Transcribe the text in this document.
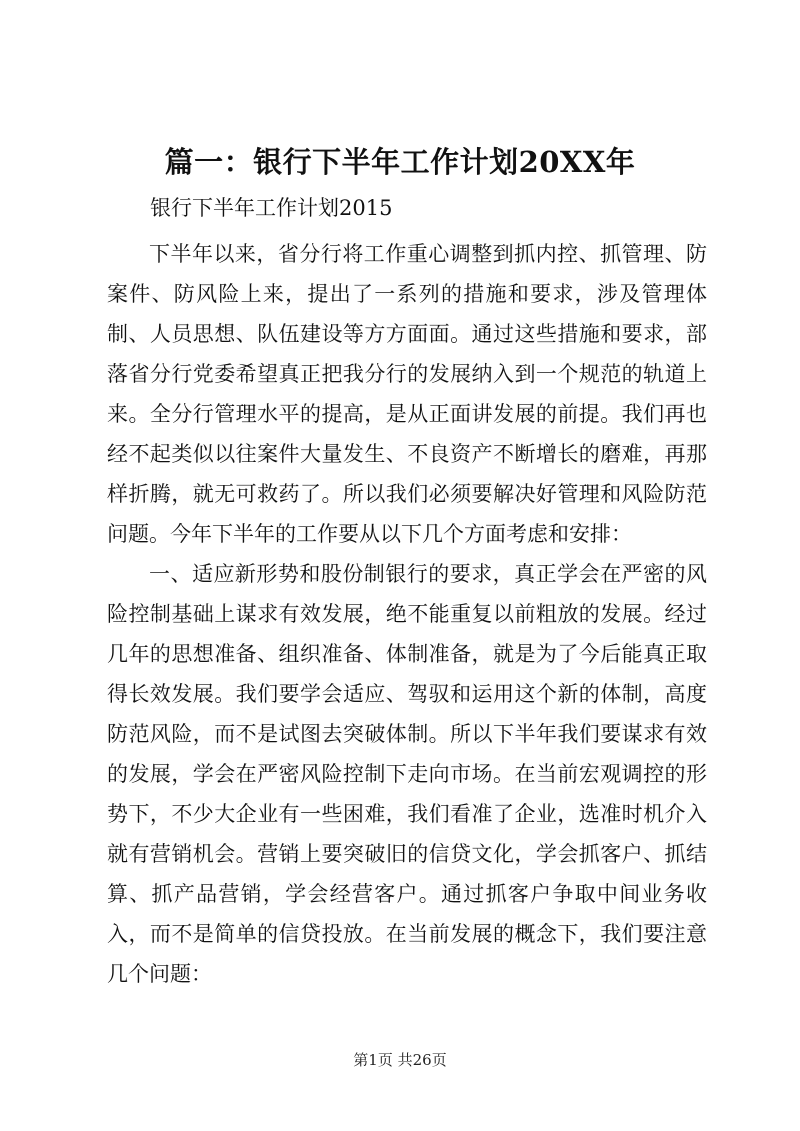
篇一：银行下半年工作计划20XX年
银行下半年工作计划2015

下半年以来，省分行将工作重心调整到抓内控、抓管理、防案件、防风险上来，提出了一系列的措施和要求，涉及管理体制、人员思想、队伍建设等方方面面。通过这些措施和要求，部落省分行党委希望真正把我分行的发展纳入到一个规范的轨道上来。全分行管理水平的提高，是从正面讲发展的前提。我们再也经不起类似以往案件大量发生、不良资产不断增长的磨难，再那样折腾，就无可救药了。所以我们必须要解决好管理和风险防范问题。今年下半年的工作要从以下几个方面考虑和安排：

一、适应新形势和股份制银行的要求，真正学会在严密的风险控制基础上谋求有效发展，绝不能重复以前粗放的发展。经过几年的思想准备、组织准备、体制准备，就是为了今后能真正取得长效发展。我们要学会适应、驾驭和运用这个新的体制，高度防范风险，而不是试图去突破体制。所以下半年我们要谋求有效的发展，学会在严密风险控制下走向市场。在当前宏观调控的形势下，不少大企业有一些困难，我们看准了企业，选准时机介入就有营销机会。营销上要突破旧的信贷文化，学会抓客户、抓结算、抓产品营销，学会经营客户。通过抓客户争取中间业务收入，而不是简单的信贷投放。在当前发展的概念下，我们要注意几个问题：

第1页 共26页
